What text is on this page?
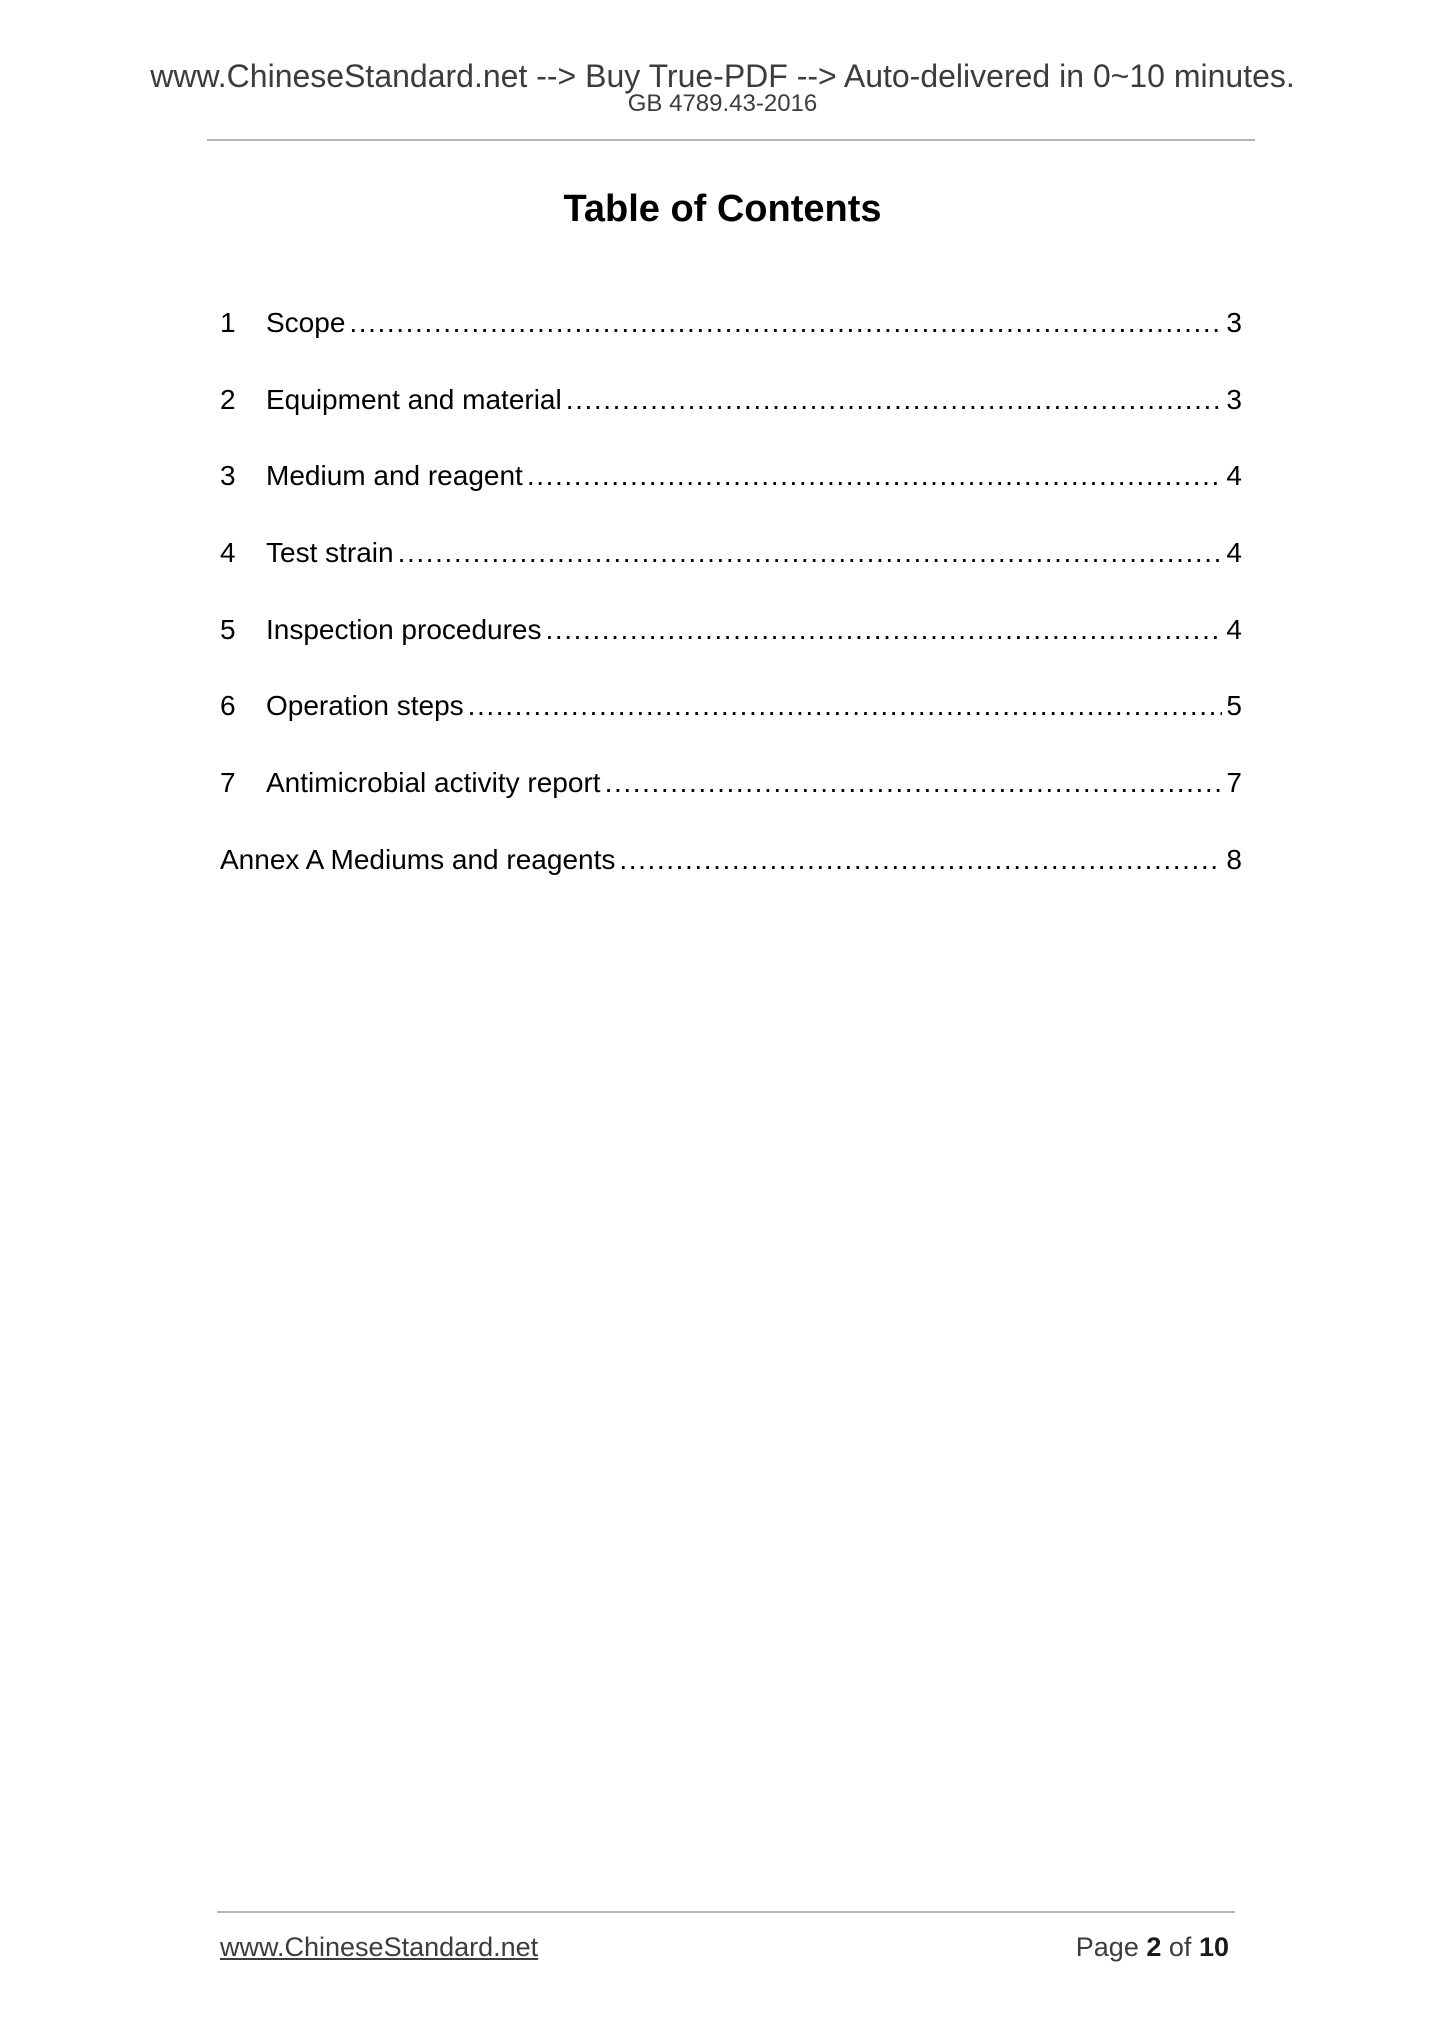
www.ChineseStandard.net --> Buy True-PDF --> Auto-delivered in 0~10 minutes.
GB 4789.43-2016
Table of Contents
1	Scope .....	3
2	Equipment and material .....	3
3	Medium and reagent .....	4
4	Test strain .....	4
5	Inspection procedures .....	4
6	Operation steps .....	5
7	Antimicrobial activity report .....	7
Annex A Mediums and reagents .....	8
www.ChineseStandard.net	Page 2 of 10
